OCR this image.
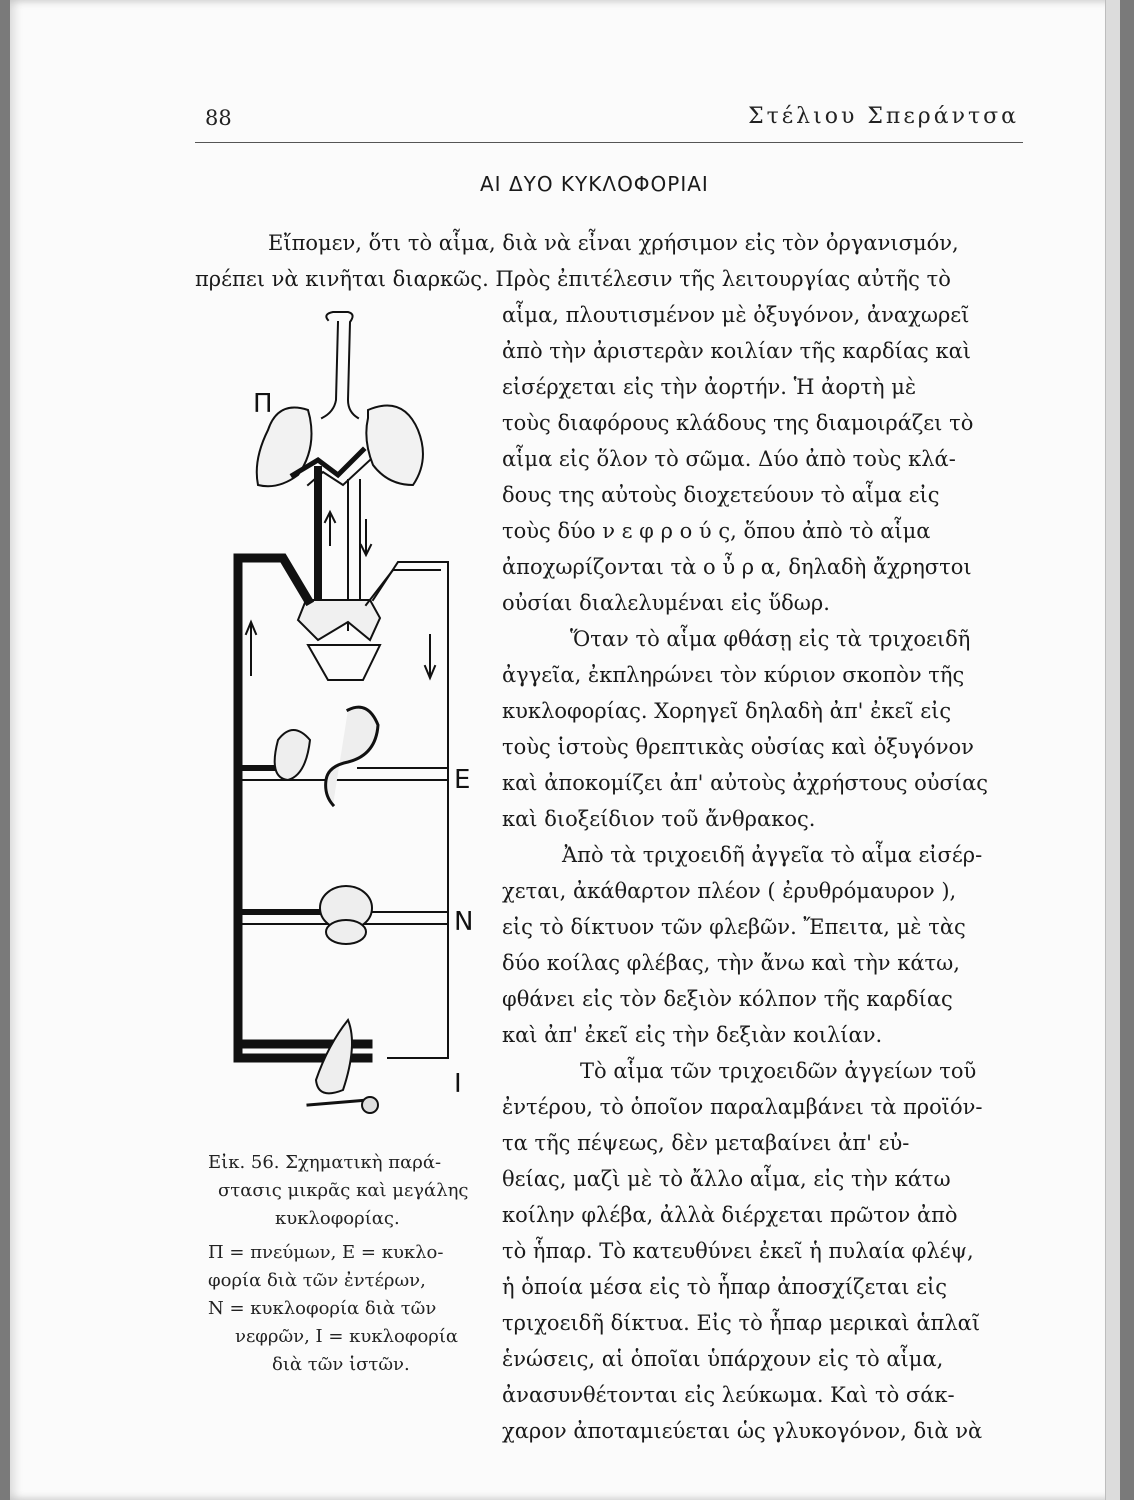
88	Στέλιου Σπεράντσα
ΑΙ ΔΥΟ ΚΥΚΛΟΦΟΡΙΑΙ
Εἴπομεν, ὅτι τὸ αἷμα, διὰ νὰ εἶναι χρήσιμον εἰς τὸν ὀργανισμόν,
πρέπει νὰ κινῆται διαρκῶς. Πρὸς ἐπιτέλεσιν τῆς λειτουργίας αὐτῆς τὸ
αἷμα, πλουτισμένον μὲ ὀξυγόνον, ἀναχωρεῖ
ἀπὸ τὴν ἀριστερὰν κοιλίαν τῆς καρδίας καὶ
εἰσέρχεται εἰς τὴν ἀορτήν. Ἡ ἀορτὴ μὲ
τοὺς διαφόρους κλάδους της διαμοιράζει τὸ
αἷμα εἰς ὅλον τὸ σῶμα. Δύο ἀπὸ τοὺς κλά-
δους της αὐτοὺς διοχετεύουν τὸ αἷμα εἰς
τοὺς δύο ν ε φ ρ ο ύ ς, ὅπου ἀπὸ τὸ αἷμα
ἀποχωρίζονται τὰ ο ὖ ρ α, δηλαδὴ ἄχρηστοι
οὐσίαι διαλελυμέναι εἰς ὕδωρ.
Ὅταν τὸ αἷμα φθάσῃ εἰς τὰ τριχοειδῆ
ἀγγεῖα, ἐκπληρώνει τὸν κύριον σκοπὸν τῆς
κυκλοφορίας. Χορηγεῖ δηλαδὴ ἀπ' ἐκεῖ εἰς
τοὺς ἱστοὺς θρεπτικὰς οὐσίας καὶ ὀξυγόνον
καὶ ἀποκομίζει ἀπ' αὐτοὺς ἀχρήστους οὐσίας
καὶ διοξείδιον τοῦ ἄνθρακος.
Ἀπὸ τὰ τριχοειδῆ ἀγγεῖα τὸ αἷμα εἰσέρ-
χεται, ἀκάθαρτον πλέον ( ἐρυθρόμαυρον ),
εἰς τὸ δίκτυον τῶν φλεβῶν. Ἔπειτα, μὲ τὰς
δύο κοίλας φλέβας, τὴν ἄνω καὶ τὴν κάτω,
φθάνει εἰς τὸν δεξιὸν κόλπον τῆς καρδίας
καὶ ἀπ' ἐκεῖ εἰς τὴν δεξιὰν κοιλίαν.
Τὸ αἷμα τῶν τριχοειδῶν ἀγγείων τοῦ
ἐντέρου, τὸ ὁποῖον παραλαμβάνει τὰ προϊόν-
τα τῆς πέψεως, δὲν μεταβαίνει ἀπ' εὐ-
θείας, μαζὶ μὲ τὸ ἄλλο αἷμα, εἰς τὴν κάτω
κοίλην φλέβα, ἀλλὰ διέρχεται πρῶτον ἀπὸ
τὸ ἧπαρ. Τὸ κατευθύνει ἐκεῖ ἡ πυλαία φλέψ,
ἡ ὁποία μέσα εἰς τὸ ἧπαρ ἀποσχίζεται εἰς
τριχοειδῆ δίκτυα. Εἰς τὸ ἧπαρ μερικαὶ ἁπλαῖ
ἑνώσεις, αἱ ὁποῖαι ὑπάρχουν εἰς τὸ αἷμα,
ἀνασυνθέτονται εἰς λεύκωμα. Καὶ τὸ σάκ-
χαρον ἀποταμιεύεται ὡς γλυκογόνον, διὰ νὰ
Π
Ε
Ν
Ι
Εἰκ. 56. Σχηματικὴ παρά-
στασις μικρᾶς καὶ μεγάλης
κυκλοφορίας.
Π = πνεύμων, Ε = κυκλο-
φορία διὰ τῶν ἐντέρων,
Ν = κυκλοφορία διὰ τῶν
νεφρῶν, Ι = κυκλοφορία
διὰ τῶν ἱστῶν.
